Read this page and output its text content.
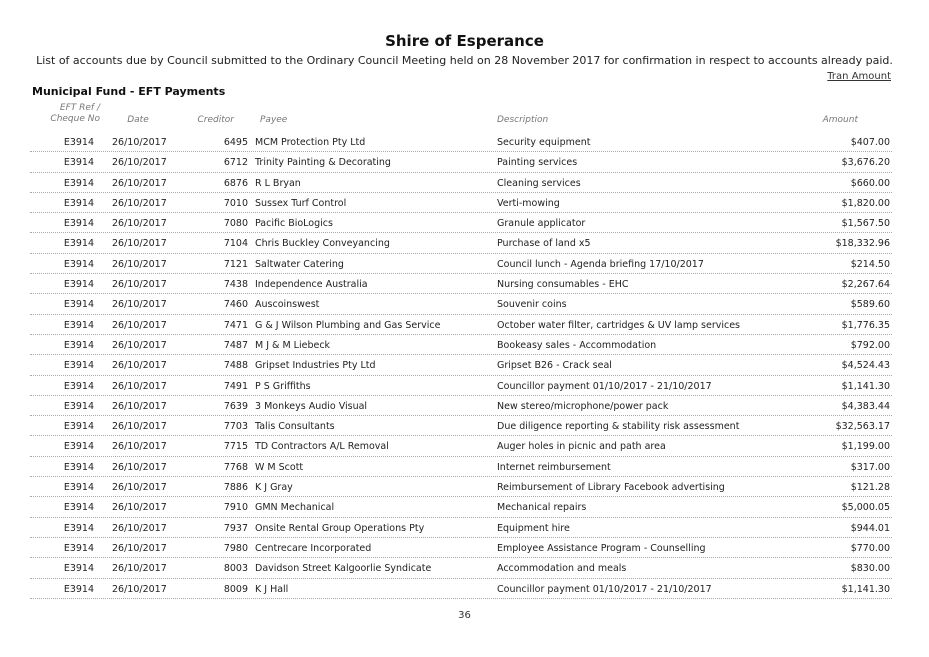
Shire of Esperance
List of accounts due by Council submitted to the Ordinary Council Meeting held on 28 November 2017 for confirmation in respect to accounts already paid.
Tran Amount
Municipal Fund - EFT Payments
EFT Ref /
Cheque No	Date	Creditor	Payee	Description	Amount
E3914 26/10/2017	6495 MCM Protection Pty Ltd	Security equipment	$407.00
E3914 26/10/2017	6712 Trinity Painting & Decorating	Painting services	$3,676.20
E3914 26/10/2017	6876 R L Bryan	Cleaning services	$660.00
E3914 26/10/2017	7010 Sussex Turf Control	Verti-mowing	$1,820.00
E3914 26/10/2017	7080 Pacific BioLogics	Granule applicator	$1,567.50
E3914 26/10/2017	7104 Chris Buckley Conveyancing	Purchase of land x5	$18,332.96
E3914 26/10/2017	7121 Saltwater Catering	Council lunch - Agenda briefing 17/10/2017	$214.50
E3914 26/10/2017	7438 Independence Australia	Nursing consumables - EHC	$2,267.64
E3914 26/10/2017	7460 Auscoinswest	Souvenir coins	$589.60
E3914 26/10/2017	7471 G & J Wilson Plumbing and Gas Service	October water filter, cartridges & UV lamp services	$1,776.35
E3914 26/10/2017	7487 M J & M Liebeck	Bookeasy sales - Accommodation	$792.00
E3914 26/10/2017	7488 Gripset Industries Pty Ltd	Gripset B26 - Crack seal	$4,524.43
E3914 26/10/2017	7491 P S Griffiths	Councillor payment 01/10/2017 - 21/10/2017	$1,141.30
E3914 26/10/2017	7639 3 Monkeys Audio Visual	New stereo/microphone/power pack	$4,383.44
E3914 26/10/2017	7703 Talis Consultants	Due diligence reporting & stability risk assessment	$32,563.17
E3914 26/10/2017	7715 TD Contractors A/L Removal	Auger holes in picnic and path area	$1,199.00
E3914 26/10/2017	7768 W M Scott	Internet reimbursement	$317.00
E3914 26/10/2017	7886 K J Gray	Reimbursement of Library Facebook advertising	$121.28
E3914 26/10/2017	7910 GMN Mechanical	Mechanical repairs	$5,000.05
E3914 26/10/2017	7937 Onsite Rental Group Operations Pty	Equipment hire	$944.01
E3914 26/10/2017	7980 Centrecare Incorporated	Employee Assistance Program - Counselling	$770.00
E3914 26/10/2017	8003 Davidson Street Kalgoorlie Syndicate	Accommodation and meals	$830.00
E3914 26/10/2017	8009 K J Hall	Councillor payment 01/10/2017 - 21/10/2017	$1,141.30
36
